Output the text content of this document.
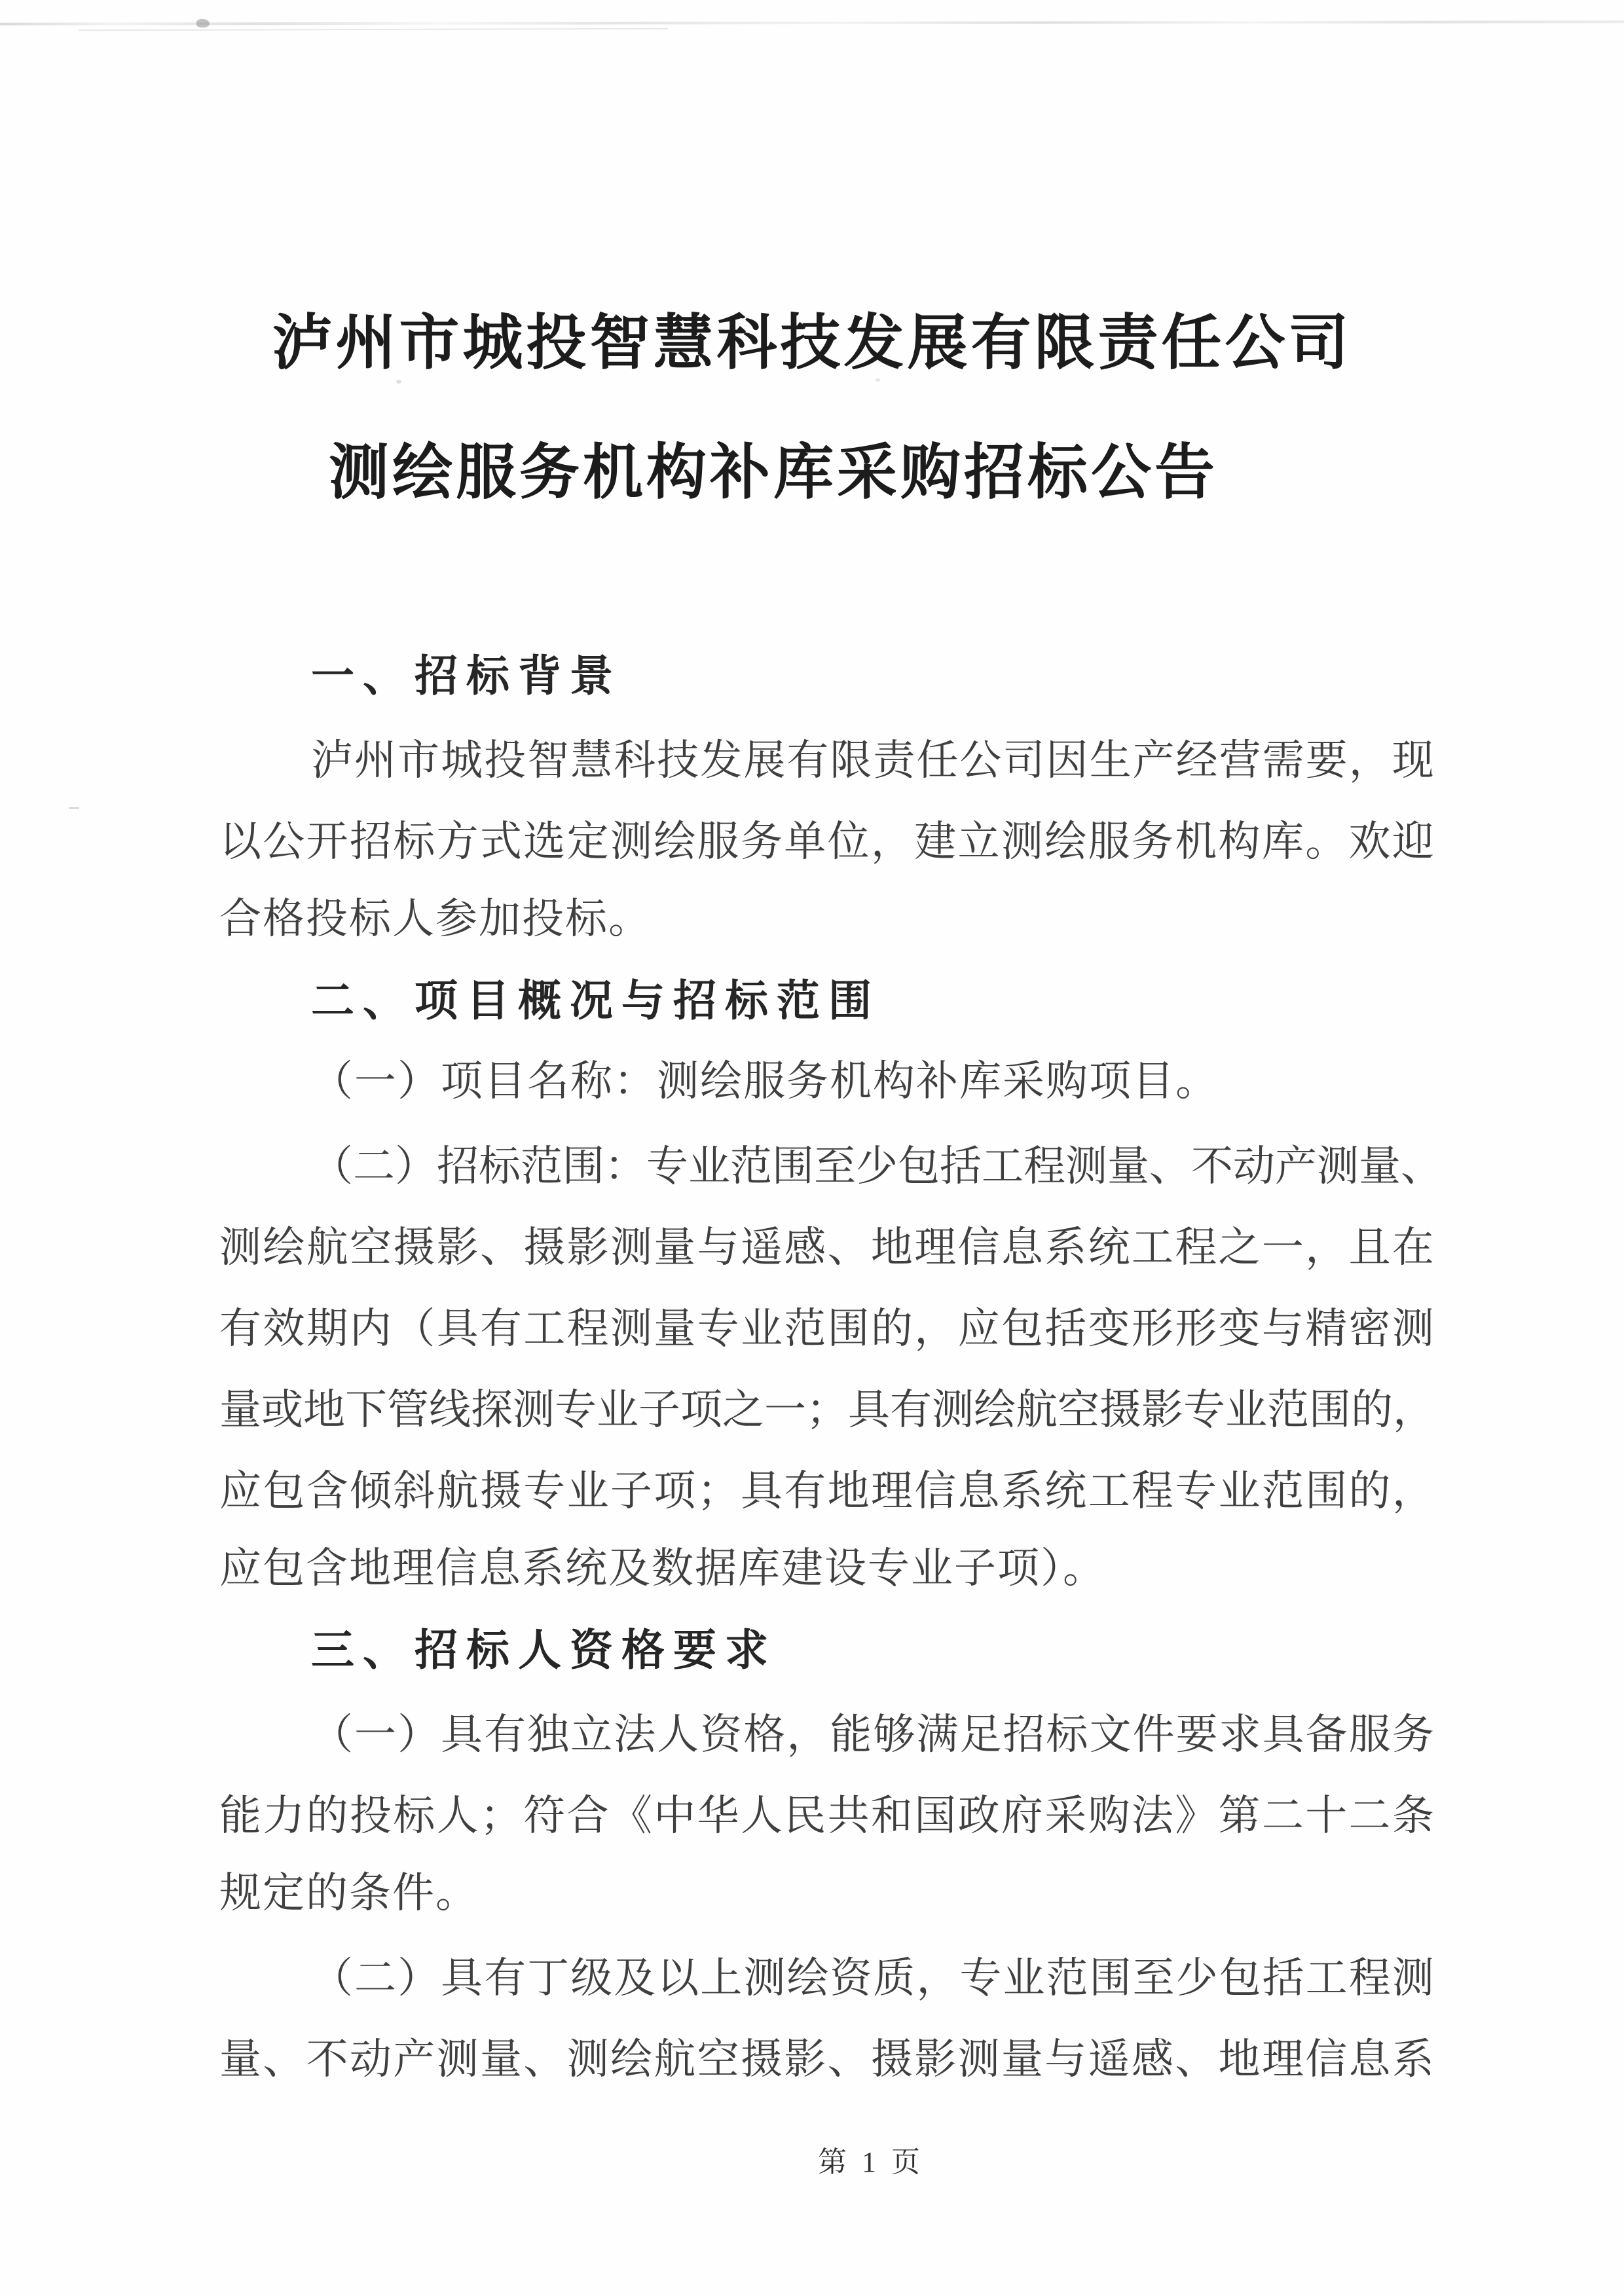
泸州市城投智慧科技发展有限责任公司
测绘服务机构补库采购招标公告
一、招标背景
泸 州 市 城 投 智 慧 科 技 发 展 有 限 责 任 公 司 因 生 产 经 营 需 要 ， 现
以 公 开 招 标 方 式 选 定 测 绘 服 务 单 位 ， 建 立 测 绘 服 务 机 构 库 。 欢 迎
合格投标人参加投标。
二、项目概况与招标范围
（一）项目名称：测绘服务机构补库采购项目。
（ 二 ） 招 标 范 围 ： 专 业 范 围 至 少 包 括 工 程 测 量 、 不 动 产 测 量 、
测 绘 航 空 摄 影 、 摄 影 测 量 与 遥 感 、 地 理 信 息 系 统 工 程 之 一 ， 且 在
有 效 期 内 （ 具 有 工 程 测 量 专 业 范 围 的 ， 应 包 括 变 形 形 变 与 精 密 测
量 或 地 下 管 线 探 测 专 业 子 项 之 一 ； 具 有 测 绘 航 空 摄 影 专 业 范 围 的 ，
应 包 含 倾 斜 航 摄 专 业 子 项 ； 具 有 地 理 信 息 系 统 工 程 专 业 范 围 的 ，
应包含地理信息系统及数据库建设专业子项）。
三、招标人资格要求
（ 一 ） 具 有 独 立 法 人 资 格 ， 能 够 满 足 招 标 文 件 要 求 具 备 服 务
能 力 的 投 标 人 ； 符 合 《 中 华 人 民 共 和 国 政 府 采 购 法 》 第 二 十 二 条
规定的条件。
（ 二 ） 具 有 丁 级 及 以 上 测 绘 资 质 ， 专 业 范 围 至 少 包 括 工 程 测
量 、 不 动 产 测 量 、 测 绘 航 空 摄 影 、 摄 影 测 量 与 遥 感 、 地 理 信 息 系
第 1 页
